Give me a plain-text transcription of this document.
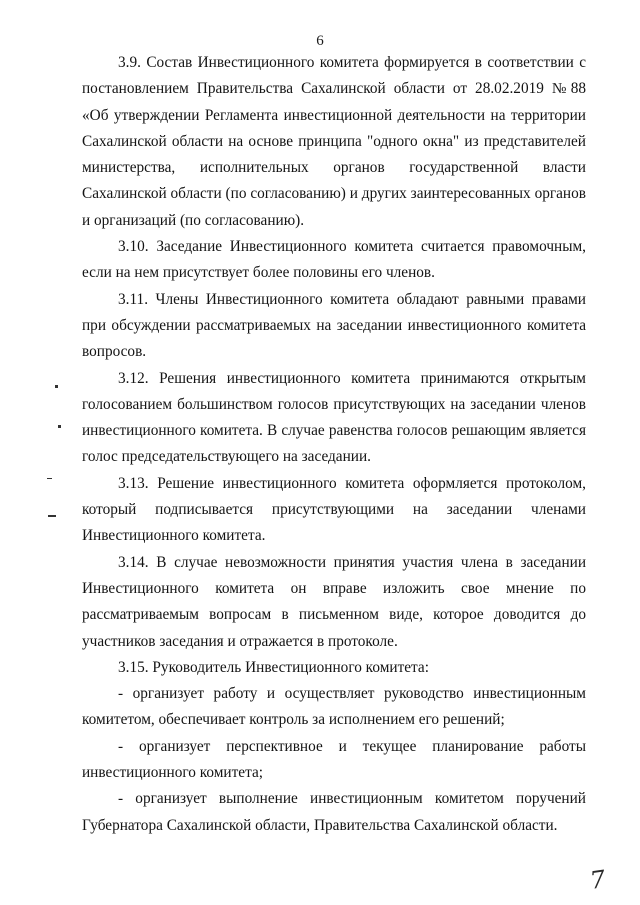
6

3.9. Состав Инвестиционного комитета формируется в соответствии с постановлением Правительства Сахалинской области от 28.02.2019 №88 «Об утверждении Регламента инвестиционной деятельности на территории Сахалинской области на основе принципа "одного окна" из представителей министерства, исполнительных органов государственной власти Сахалинской области (по согласованию) и других заинтересованных органов и организаций (по согласованию).

3.10. Заседание Инвестиционного комитета считается правомочным, если на нем присутствует более половины его членов.

3.11. Члены Инвестиционного комитета обладают равными правами при обсуждении рассматриваемых на заседании инвестиционного комитета вопросов.

3.12. Решения инвестиционного комитета принимаются открытым голосованием большинством голосов присутствующих на заседании членов инвестиционного комитета. В случае равенства голосов решающим является голос председательствующего на заседании.

3.13. Решение инвестиционного комитета оформляется протоколом, который подписывается присутствующими на заседании членами Инвестиционного комитета.

3.14. В случае невозможности принятия участия члена в заседании Инвестиционного комитета он вправе изложить свое мнение по рассматриваемым вопросам в письменном виде, которое доводится до участников заседания и отражается в протоколе.

3.15. Руководитель Инвестиционного комитета:

- организует работу и осуществляет руководство инвестиционным комитетом, обеспечивает контроль за исполнением его решений;

- организует перспективное и текущее планирование работы инвестиционного комитета;

- организует выполнение инвестиционным комитетом поручений Губернатора Сахалинской области, Правительства Сахалинской области.

7
